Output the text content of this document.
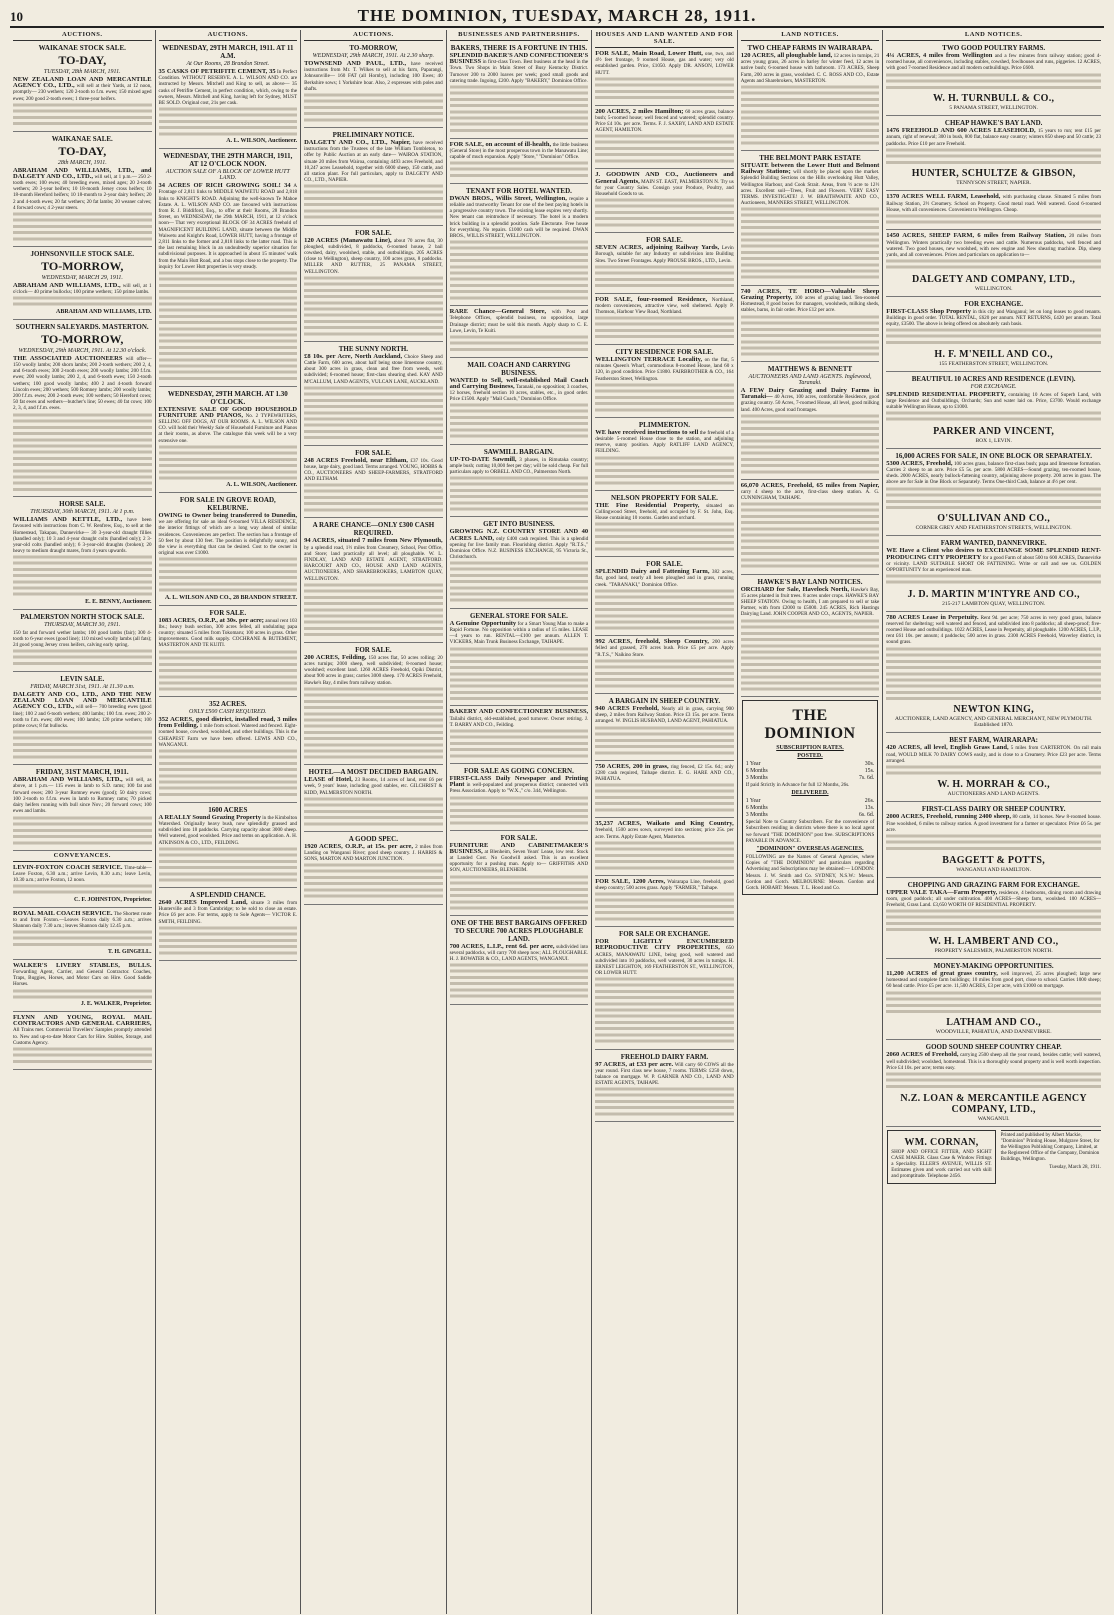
10	THE DOMINION, TUESDAY, MARCH 28, 1911.
AUCTIONS.
WAIKANAE STOCK SALE.
TO-DAY,
TUESDAY, 28th MARCH, 1911.
NEW ZEALAND LOAN AND MERCANTILE AGENCY CO., LTD., will sell at their Yards, at 12 noon, promptly— 230 wethers; 120 2-tooth to f.m. ewes; 150 mixed aged ewes; 200 good 2-tooth ewes; 1 three-year heifers.
WAIKANAE SALE.
TO-DAY,
28th MARCH, 1911.
ABRAHAM AND WILLIAMS, LTD., and DALGETY AND CO., LTD., will sell, at 1 p.m.— 250 2-tooth ewes; 100 ewes; 40 breeding ewes, mixed ages; 20 2-tooth wethers; 20 3-year heifers; 10 18-month Jersey cross heifers; 10 18-month Hereford heifers; 10 18-month to 2-year dairy heifers; 20 2 and 4-tooth ewes; 20 fat wethers; 20 fat lambs; 20 weaner calves; 4 forward cows; 4 2-year steers.
JOHNSONVILLE STOCK SALE.
TO-MORROW,
WEDNESDAY, MARCH 29, 1911.
ABRAHAM AND WILLIAMS, LTD., will sell, at 1 o'clock— 40 prime bullocks; 100 prime wethers; 150 prime lambs.
ABRAHAM AND WILLIAMS, LTD.
SOUTHERN SALEYARDS. MASTERTON.
TO-MORROW,
WEDNESDAY, 29th MARCH, 1911. At 12.30 o'clock.
THE ASSOCIATED AUCTIONEERS will offer— 150 woolly lambs; 200 shorn lambs; 200 2-tooth wethers; 200 2, 4, and 6-tooth ewes; 300 2-tooth ewes; 200 woolly lambs; 200 f.f.m. ewes; 200 woolly lambs; 200 2, 4, and 6-tooth ewes; 150 2-tooth wethers; 100 good woolly lambs; 400 2 and 4-tooth forward Lincoln ewes; 200 wethers; 500 Romney lambs; 200 woolly lambs; 200 f.f.m. ewes; 200 2-tooth ewes; 100 wethers; 50 Hereford cows; 50 fat ewes and wethers—butcher's line; 50 ewes; 40 fat cows; 100 2, 3, 4, and f.f.m. ewes.
HORSE SALE.
THURSDAY, 30th MARCH, 1911. At 1 p.m.
WILLIAMS AND KETTLE, LTD., have been favoured with instructions from C. W. Renfrew, Esq., to sell at the Homestead, Takapau, Dannevirke— 30 3-year-old draught fillies (handled only); 10 3 and 4-year draught colts (handled only); 2 3-year-old colts (handled only); 6 3-year-old draughts (broken); 20 heavy to medium draught mares, from 4 years upwards.
E. E. BENNY, Auctioneer.
PALMERSTON NORTH STOCK SALE.
THURSDAY, MARCH 30, 1911.
150 fat and forward wether lambs; 100 good lambs (fair); 300 4-tooth to 6-year ewes (good line); 110 mixed woolly lambs (all fats); 24 good young Jersey cross heifers, calving early spring.
LEVIN SALE.
FRIDAY, MARCH 31st, 1911. At 11.30 a.m.
DALGETY AND CO., LTD., AND THE NEW ZEALAND LOAN AND MERCANTILE AGENCY CO., LTD., will sell— 700 breeding ewes (good line); 100 2 and 6-tooth wethers; 400 lambs; 100 f.m. ewes; 200 2-tooth to f.m. ewes; 400 ewes; 100 lambs; 120 prime wethers; 100 prime cows; 8 fat bullocks.
FRIDAY, 31ST MARCH, 1911.
ABRAHAM AND WILLIAMS, LTD., will sell, as above, at 1 p.m.— 115 ewes in lamb to S.D. rams; 100 fat and forward ewes; 200 3-year Romney ewes (good); 50 dairy cows; 100 2-tooth to f.f.m. ewes in lamb to Romney rams; 70 picked dairy heifers running with bull since Nov.; 20 forward cows; 100 ewes and lambs.
CONVEYANCES.
LEVIN-FOXTON COACH SERVICE. Time-table—Leave Foxton, 6.30 a.m.; arrive Levin, 8.30 a.m.; leave Levin, 10.30 a.m.; arrive Foxton, 12 noon.
C. F. JOHNSTON, Proprietor.
ROYAL MAIL COACH SERVICE. The Shortest route to and from Foxton.—Leaves Foxton daily 6.30 a.m.; arrives Shannon daily 7.30 a.m.; leaves Shannon daily 12.45 p.m.
T. H. GINGELL.
WALKER'S LIVERY STABLES, BULLS. Forwarding Agent, Carrier, and General Contractor. Coaches, Traps, Buggies, Horses, and Motor Cars on Hire. Good Saddle Horses.
J. E. WALKER, Proprietor.
FLYNN AND YOUNG, ROYAL MAIL CONTRACTORS AND GENERAL CARRIERS, All Trains met. Commercial Travellers' Samples promptly attended to. New and up-to-date Motor Cars for Hire. Stables, Storage, and Customs Agency.
AUCTIONS.
WEDNESDAY, 29TH MARCH, 1911. AT 11 A.M.
At Our Rooms, 28 Brandon Street.
35 CASKS OF PETRIFITE CEMENT, 35 In Perfect Condition. WITHOUT RESERVE. A. L. WILSON AND CO. are instructed by Messrs. Mitchell and King to sell, as above— 35 casks of Petrifite Cement, in perfect condition, which, owing to the owners, Messrs. Mitchell and King, having left for Sydney, MUST BE SOLD. Original cost, 21s per cask.
A. L. WILSON, Auctioneer.
WEDNESDAY, THE 29TH MARCH, 1911, AT 12 O'CLOCK NOON.
AUCTION SALE OF A BLOCK OF LOWER HUTT LAND.
34 ACRES OF RICH GROWING SOIL! 34 A Frontage of 2,811 links to MIDDLE WAIWETU ROAD and 2,818 links to KNIGHT'S ROAD. Adjoining the well-known Te Mahoe Estate. A. L. WILSON AND CO. are favoured with instructions from R. J. Biddiford, Esq., to offer at their Rooms, 28 Brandon Street, on WEDNESDAY, the 29th MARCH, 1911, at 12 o'clock noon— That very exceptional BLOCK OF 34 ACRES freehold of MAGNIFICENT BUILDING LAND, situate between the Middle Waiwetu and Knight's Road, LOWER HUTT, having a frontage of 2,811 links to the former and 2,818 links to the latter road. This is the last remaining block in an undoubtedly superior situation for subdivisional purposes. It is approached in about 15 minutes' walk from the Main Hutt Road, and a bus stops close to the property. The inquiry for Lower Hutt properties is very steady.
WEDNESDAY, 29TH MARCH. AT 1.30 O'CLOCK.
EXTENSIVE SALE OF GOOD HOUSEHOLD FURNITURE AND PIANOS, No. 2 TYPEWRITERS, SELLING OFF DOGS, AT OUR ROOMS. A. L. WILSON AND CO. will hold their Weekly Sale of Household Furniture and Pianos at their rooms, as above. The catalogue this week will be a very extensive one.
A. L. WILSON, Auctioneer.
FOR SALE IN GROVE ROAD, KELBURNE.
OWING to Owner being transferred to Dunedin, we are offering for sale an ideal 6-roomed VILLA RESIDENCE, the interior fittings of which are a long way ahead of similar residences. Conveniences are perfect. The section has a frontage of 50 feet by about 130 feet. The position is delightfully sunny, and the view is everything that can be desired. Cost to the owner in original was over £1000.
A. L. WILSON AND CO., 28 BRANDON STREET.
FOR SALE.
1083 ACRES, O.R.P., at 30s. per acre; annual rent 103 lbs.; heavy bush section, 300 acres felled, all undulating papa country; situated 5 miles from Tokomaru; 100 acres in grass. Other improvements. Good milk supply. COCHRANE & BUTEMENT, MASTERTON AND TE KUITI.
352 ACRES.
ONLY £500 CASH REQUIRED.
352 ACRES, good district, installed road, 3 miles from Feilding, 1 mile from school. Watered and fenced. Eight-roomed house, cowshed, woolshed, and other buildings. This is the CHEAPEST Farm we have been offered. LEWIS AND CO., WANGANUI.
1600 ACRES
A REALLY Sound Grazing Property in the Kimbolton Watershed. Originally heavy bush, now splendidly grassed and subdivided into 18 paddocks. Carrying capacity about 3000 sheep. Well watered, good woolshed. Price and terms on application. A. H. ATKINSON & CO., LTD., FEILDING.
A SPLENDID CHANCE.
2640 ACRES Improved Land, situate 3 miles from Hunterville and 3 from Cambridge; to be sold to close an estate. Price £6 per acre. For terms, apply to Sole Agents— VICTOR E. SMITH, FEILDING.
AUCTIONS.
TO-MORROW,
WEDNESDAY, 29th MARCH, 1911. At 2.30 sharp.
TOWNSEND AND PAUL, LTD., have received instructions from Mr. T. Wilkes to sell at his farm, Paparangi, Johnsonville— 160 FAT (all Hornby), including 100 Ewes; 40 Berkshire sows; 1 Yorkshire boar. Also, 2 expresses with poles and shafts.
PRELIMINARY NOTICE.
DALGETY AND CO., LTD., Napier, have received instructions from the Trustees of the late William Tombleton, to offer by Public Auction at an early date— WAIROA STATION, situate 20 miles from Wairoa, containing 4493 acres Freehold, and 10,247 acres Leasehold, together with 6000 sheep, 150 cattle, and all station plant. For full particulars, apply to DALGETY AND CO., LTD., NAPIER.
FOR SALE.
120 ACRES (Manawatu Line), about 70 acres flat, 30 ploughed, subdivided, 8 paddocks, 6-roomed house, 2 bail cowshed, dairy, woolshed, stable, and outbuildings. 205 ACRES (close to Wellington), sheep country, 100 acres grass, 8 paddocks. MILLER AND RUTTER, 25 PANAMA STREET, WELLINGTON.
THE SUNNY NORTH.
£8 10s. per Acre, North Auckland, Choice Sheep and Cattle Farm, 600 acres, about half being stone limestone country, about 300 acres in grass, clean and free from weeds, well subdivided; 6-roomed house; first-class shearing shed. KAY AND M'CALLUM, LAND AGENTS, VULCAN LANE, AUCKLAND.
FOR SALE.
248 ACRES Freehold, near Eltham, £37 10s. Good house, large dairy, good land. Terms arranged. YOUNG, HOBBS & CO., AUCTIONEERS AND SHEEP-FARMERS, STRATFORD AND ELTHAM.
A RARE CHANCE—ONLY £300 CASH REQUIRED.
94 ACRES, situated 7 miles from New Plymouth, by a splendid road, 1½ miles from Creamery, School, Post Office, and Store; land practically all level; all ploughable. W. L. FINDLAY, LAND AND ESTATE AGENT, STRATFORD. HARCOURT AND CO., HOUSE AND LAND AGENTS, AUCTIONEERS, AND SHAREBROKERS, LAMBTON QUAY, WELLINGTON.
FOR SALE.
200 ACRES, Feilding, 150 acres flat, 50 acres rolling; 20 acres turnips; 2000 sheep, well subdivided; 8-roomed house; woolshed; excellent land. 1260 ACRES Freehold, Opiki District, about 900 acres in grass; carries 3000 sheep. 170 ACRES Freehold, Hawke's Bay, 4 miles from railway station.
HOTEL—A MOST DECIDED BARGAIN.
LEASE of Hotel, 23 Rooms, 14 acres of land, rent £6 per week, 9 years' lease, including good stables, etc. GILCHRIST & KIDD, PALMERSTON NORTH.
A GOOD SPEC.
1920 ACRES, O.R.P., at 15s. per acre, 2 miles from Landing on Wanganui River; good sheep country. J. HARRIS & SONS, MARTON AND MARTON JUNCTION.
BUSINESSES AND PARTNERSHIPS.
BAKERS, THERE IS A FORTUNE IN THIS.
SPLENDID BAKER'S AND CONFECTIONER'S BUSINESS in first-class Town. Best business at the head in the Town. Two Shops in Main Street of Busy Kentucky District. Turnover 200 to 2000 loaves per week; good small goods and catering trade. Ingoing, £200. Apply "BAKERY," Dominion Office.
FOR SALE, on account of ill-health, the little business (General Store) in the most prosperous town in the Manawatu Line; capable of much expansion. Apply "Store," "Dominion" Office.
TENANT FOR HOTEL WANTED.
DWAN BROS., Willis Street, Wellington, require a reliable and trustworthy Tenant for one of the best paying hotels in a progressive country town. The existing lease expires very shortly. New tenant can reintroduce if necessary. The hotel is a modern brick building in a splendid position. Safe Electorate. Free house for everything. No repairs. £1000 cash will be required. DWAN BROS., WILLIS STREET, WELLINGTON.
RARE Chance—General Store, with Post and Telephone Offices, splendid business, no opposition, large Drainage district; must be sold this month. Apply sharp to C. E. Lowe, Levin, Te Kuiti.
MAIL COACH AND CARRYING BUSINESS.
WANTED to Sell, well-established Mail Coach and Carrying Business, Taranaki, no opposition; 3 coaches, 12 horses, freehold section 10 acres, stables, etc., in good order. Price £1500. Apply "Mail Coach," Dominion Office.
SAWMILL BARGAIN.
UP-TO-DATE Sawmill, 3 phases, in Rimutaka country; ample bush; cutting 10,000 feet per day; will be sold cheap. For full particulars apply to ORBELL AND CO., Palmerston North.
GET INTO BUSINESS.
GROWING N.Z. COUNTRY STORE AND 40 ACRES LAND, only £400 cash required. This is a splendid opening for live family man. Flourishing district. Apply "R.T.S.," Dominion Office. N.Z. BUSINESS EXCHANGE, 95 Victoria St., Christchurch.
GENERAL STORE FOR SALE.
A Genuine Opportunity for a Smart Young Man to make a Rapid Fortune. No opposition within a radius of 15 miles. LEASE—4 years to run. RENTAL—£100 per annum. ALLEN T. VICKERS, Main Trunk Business Exchange, TAIHAPE.
BAKERY AND CONFECTIONERY BUSINESS, Tailaihi district, old-established, good turnover. Owner retiring. J. T. BARRY AND CO., Feilding.
FOR SALE AS GOING CONCERN.
FIRST-CLASS Daily Newspaper and Printing Plant in well-populated and prosperous district; connected with Press Association. Apply to "W.X.," c/o. 344, Wellington.
FOR SALE.
FURNITURE AND CABINETMAKER'S BUSINESS, at Blenheim, Seven Years' Lease, low rent. Stock at Landed Cost. No Goodwill asked. This is an excellent opportunity for a pushing man. Apply to— GRIFFITHS AND SON, AUCTIONEERS, BLENHEIM.
ONE OF THE BEST BARGAINS OFFERED TO SECURE 700 ACRES PLOUGHABLE LAND.
700 ACRES, L.I.P., rent 6d. per acre, subdivided into several paddocks, will carry 700 sheep now; ALL PLOUGHABLE. H. J. BOWATER & CO., LAND AGENTS, WANGANUI.
HOUSES AND LAND WANTED AND FOR SALE.
FOR SALE, Main Road, Lower Hutt, one, two, and 4½ feet frontage, 9 roomed House, gas and water; very old established garden. Price, £1050. Apply DR. ANSON, LOWER HUTT.
200 ACRES, 2 miles Hamilton; 60 acres grass, balance bush; 5-roomed house; well fenced and watered; splendid country. Price £4 10s. per acre. Terms. F. J. SAXBY, LAND AND ESTATE AGENT, HAMILTON.
J. GOODWIN AND CO., Auctioneers and General Agents, MAIN ST. EAST, PALMERSTON N. Try us for your Country Sales. Consign your Produce, Poultry, and Household Goods to us.
FOR SALE.
SEVEN ACRES, adjoining Railway Yards, Levin Borough, suitable for any Industry or subdivision into Building Sites. Two Street Frontages. Apply PROUSE BROS., LTD., Levin.
FOR SALE, four-roomed Residence, Northland, modern conveniences, attractive view, well sheltered. Apply P. Thomson, Harbour View Road, Northland.
CITY RESIDENCE FOR SALE.
WELLINGTON TERRACE Locality, on the flat, 5 minutes Queen's Wharf, commodious 8-roomed House, land 60 x 120, in good condition. Price £1800. FAIRBROTHER & CO., 164 Featherston Street, Wellington.
PLIMMERTON.
WE have received instructions to sell the freehold of a desirable 5-roomed House close to the station, and adjoining reserve, sunny position. Apply RATLIFF LAND AGENCY, FEILDING.
NELSON PROPERTY FOR SALE.
THE Fine Residential Property, situated on Collingwood Street, freehold, and occupied by F. St. John, Esq. House containing 10 rooms. Garden and orchard.
FOR SALE.
SPLENDID Dairy and Fattening Farm, 382 acres, flat, good land, nearly all been ploughed and in grass, running creek. "TARANAKI," Dominion Office.
992 ACRES, freehold, Sheep Country, 200 acres felled and grassed, 270 acres bush. Price £5 per acre. Apply "R.T.S.," Naikino Store.
A BARGAIN IN SHEEP COUNTRY.
940 ACRES Freehold, Nearly all in grass, carrying 900 sheep, 2 miles from Railway Station. Price £3 15s. per acre. Terms arranged. W. INGLIS HUSBAND, LAND AGENT, PAHIATUA.
750 ACRES, 200 in grass, ring fenced, £2 15s. 6d.; only £280 cash required, Taihape district. E. G. HARE AND CO., PAHIATUA.
35,237 ACRES, Waikato and King Country, freehold, 1500 acres sown, surveyed into sections; price 25s. per acre. Terms. Apply Estate Agent, Masterton.
FOR SALE, 1200 Acres, Wairarapa Line, freehold, good sheep country; 500 acres grass. Apply "FARMER," Taihape.
FOR SALE OR EXCHANGE.
FOR LIGHTLY ENCUMBERED REPRODUCTIVE CITY PROPERTIES, 650 ACRES, MANAWATU LINE, being good, well watered and subdivided into 10 paddocks, well watered, 30 acres in turnips. H. ERNEST LEIGHTON, 169 FEATHERSTON ST., WELLINGTON, OR LOWER HUTT.
FREEHOLD DAIRY FARM.
97 ACRES, at £33 per acre. Will carry 60 COWS all the year round. First class new house, 7 rooms. TERMS: £250 down, balance on mortgage. W. P. GARNER AND CO., LAND AND ESTATE AGENTS, TAIHAPE.
LAND NOTICES.
TWO CHEAP FARMS IN WAIRARAPA.
120 ACRES, all ploughable land, 12 acres in turnips, 21 acres young grass, 26 acres in barley for winter feed, 12 acres in native bush; 6-roomed house with bathroom. 173 ACRES, Sheep Farm, 200 acres in grass, woolshed. C. C. ROSS AND CO., Estate Agents and Sharebrokers, MASTERTON.
THE BELMONT PARK ESTATE
SITUATE between the Lower Hutt and Belmont Railway Stations; will shortly be placed upon the market. Splendid Building Sections on the Hills overlooking Hutt Valley, Wellington Harbour, and Cook Strait. Areas, from ½ acre to 12½ acres. Excellent soil—Trees, Fruit and Flowers. VERY EASY TERMS. INVESTIGATE! J. W. BRAITHWAITE AND CO., Auctioneers, MANNERS STREET, WELLINGTON.
740 ACRES, TE HORO—Valuable Sheep Grazing Property, 100 acres of grazing land. Ten-roomed Homestead, 8 good boxes for managers, woolsheds, milking sheds, stables, barns, in fair order. Price £12 per acre.
MATTHEWS & BENNETT
AUCTIONEERS AND LAND AGENTS. Inglewood, Taranaki.
A FEW Dairy Grazing and Dairy Farms in Taranaki— 40 Acres, 100 acres, comfortable Residence, good grazing country. 50 Acres, 7-roomed House, all level, good milking land. 400 Acres, good road frontages.
66,070 ACRES, Freehold, 65 miles from Napier, carry 4 sheep to the acre, first-class sheep station. A. G. CUNNINGHAM, TAIHAPE.
HAWKE'S BAY LAND NOTICES.
ORCHARD for Sale, Havelock North, Hawke's Bay, 15 acres planted in fruit trees. 8 acres under crops. HAWKE'S BAY SHEEP STATION. Owing to health, I am prepared to sell or take Partner, with from £2000 to £5000. 245 ACRES, Rich Hastings Dairying Land. JOHN COOPER AND CO., AGENTS, NAPIER.
THE DOMINION
SUBSCRIPTION RATES.
POSTED.
1 Year	30s.
6 Months	15s.
3 Months	7s. 6d.
If paid Strictly in Advance for full 12 Months, 26s.
DELIVERED.
1 Year	26s.
6 Months	13s.
3 Months	6s. 6d.
Special Note to Country Subscribers. For the convenience of Subscribers residing in districts where there is no local agent we forward "THE DOMINION" post free. SUBSCRIPTIONS PAYABLE IN ADVANCE.
"DOMINION" OVERSEAS AGENCIES.
FOLLOWING are the Names of General Agencies, where Copies of "THE DOMINION" and particulars regarding Advertising and Subscriptions may be obtained:— LONDON: Messrs. J. W. Smith and Co. SYDNEY, N.S.W.: Messrs. Gordon and Gotch. MELBOURNE: Messrs. Gordon and Gotch. HOBART: Messrs. T. L. Hood and Co.
LAND NOTICES.
TWO GOOD POULTRY FARMS.
4¼ ACRES, 4 miles from Wellington and a few minutes from railway station; good 4-roomed house, all conveniences, including stables, cowshed, fowlhouses and runs, piggeries. 12 ACRES, with good 7-roomed Residence and all modern outbuildings. Price £600.
W. H. TURNBULL & CO.,
5 PANAMA STREET, WELLINGTON.
CHEAP HAWKE'S BAY LAND.
1476 FREEHOLD AND 600 ACRES LEASEHOLD, 15 years to run; rent £15 per annum, right of renewal; 300 in bush, 800 flat, balance easy country; winters 850 sheep and 50 cattle; 23 paddocks. Price £10 per acre Freehold.
HUNTER, SCHULTZE & GIBSON,
TENNYSON STREET, NAPIER.
1370 ACRES WELL FARM, Leasehold, with purchasing clause. Situated 5 miles from Railway Station, 2½ Creamery. School on Property. Good metal road. Well watered. Good 6-roomed House, with all conveniences. Convenient to Wellington. Cheap.
1450 ACRES, SHEEP FARM, 6 miles from Railway Station, 20 miles from Wellington. Winters practically two breeding ewes and cattle. Numerous paddocks, well fenced and watered. Two good houses, new woolshed, with new engine and New shearing machine. Dip, sheep yards, and all conveniences. Prices and particulars on application to—
DALGETY AND COMPANY, LTD.,
WELLINGTON.
FOR EXCHANGE.
FIRST-CLASS Shop Property in this city and Wanganui; let on long leases to good tenants. Buildings in good order. TOTAL RENTAL, £620 per annum. NET RETURNS, £420 per annum. Total equity, £3500. The above is being offered on absolutely cash basis.
H. F. M'NEILL AND CO.,
155 FEATHERSTON STREET, WELLINGTON.
BEAUTIFUL 10 ACRES AND RESIDENCE (LEVIN).
FOR EXCHANGE.
SPLENDID RESIDENTIAL PROPERTY, containing 10 Acres of Superb Land, with large Residence and Outbuildings, Orchards; Sun and water laid on. Price, £3700. Would exchange suitable Wellington House, up to £1000.
PARKER AND VINCENT,
BOX 1, LEVIN.
16,000 ACRES FOR SALE, IN ONE BLOCK OR SEPARATELY.
5300 ACRES, Freehold, 100 acres grass, balance first-class bush; papa and limestone formation. Carries 2 sheep to an acre. Price £5 5s. per acre. 5800 ACRES—Sound grazing, ten-roomed house, sheds. 2000 ACRES, nearly bullock-fattening country, adjoining above property. 200 acres in grass. The above are for Sale in One Block or Separately. Terms One-third Cash, balance at 4½ per cent.
O'SULLIVAN AND CO.,
CORNER GREY AND FEATHERSTON STREETS, WELLINGTON.
FARM WANTED, DANNEVIRKE.
WE Have a Client who desires to EXCHANGE SOME SPLENDID RENT-PRODUCING CITY PROPERTY for a good Farm of about 500 to 600 ACRES, Dannevirke or vicinity. LAND SUITABLE SHORT OR FATTENING. Write or call and see us. GOLDEN OPPORTUNITY for an experienced man.
J. D. MARTIN M'INTYRE AND CO.,
215-217 LAMBTON QUAY, WELLINGTON.
780 ACRES Lease in Perpetuity. Rent 9d. per acre; 750 acres in very good grass, balance reserved for sheltering; well watered and fenced, and subdivided into 8 paddocks; all sheep-proof; five-roomed House and outbuildings. 1022 ACRES, Lease in Perpetuity, all ploughable. 1200 ACRES, L.I.P., rent £61 10s. per annum; 4 paddocks; 500 acres in grass. 2300 ACRES Freehold, Waverley district, in sound grass.
NEWTON KING,
AUCTIONEER, LAND AGENCY, AND GENERAL MERCHANT, NEW PLYMOUTH. Established 1870.
BEST FARM, WAIRARAPA:
420 ACRES, all level, English Grass Land, 5 miles from CARTERTON. On rail main road, WOULD MILK 70 DAIRY COWS easily, and is close to a Creamery. Price £23 per acre. Terms arranged.
W. H. MORRAH & CO.,
AUCTIONEERS AND LAND AGENTS.
FIRST-CLASS DAIRY OR SHEEP COUNTRY.
2000 ACRES, Freehold, running 2400 sheep, 80 cattle, 14 horses. New 8-roomed house. Fine woolshed, 6 miles to railway station. A good investment for a farmer or speculator. Price £6 5s. per acre.
BAGGETT & POTTS,
WANGANUI AND HAMILTON.
CHOPPING AND GRAZING FARM FOR EXCHANGE.
UPPER VALE TAKA—Farm Property, residence, 4 bedrooms, dining room and drawing room, good paddock; all under cultivation. 400 ACRES—Sheep farm, woolshed. 100 ACRES—Freehold, Grass Land. £3,650 WORTH OF RESIDENTIAL PROPERTY.
W. H. LAMBERT AND CO.,
PROPERTY SALESMEN, PALMERSTON NORTH.
MONEY-MAKING OPPORTUNITIES.
11,200 ACRES of great grass country, well improved, 25 acres ploughed; large new homestead and complete farm buildings; 10 miles from good port, close to school. Carries 1000 sheep; 60 head cattle. Price £5 per acre. 11,500 ACRES, £3 per acre, with £1000 on mortgage.
LATHAM AND CO.,
WOODVILLE, PAHIATUA, AND DANNEVIRKE.
GOOD SOUND SHEEP COUNTRY CHEAP.
2060 ACRES of Freehold, carrying 2500 sheep all the year round, besides cattle; well watered, well subdivided; woolshed, homestead. This is a thoroughly sound property and is well worth inspection. Price £4 10s. per acre; terms easy.
N.Z. LOAN & MERCANTILE AGENCY COMPANY, LTD.,
WANGANUI.
WM. CORNAN,
SHOP AND OFFICE FITTER, AND SIGHT CASE MAKER. Glass Case & Window Fittings a Speciality. ELLER'S AVENUE, WILLIS ST. Estimates given and work carried out with skill and promptitude. Telephone 2456.
Printed and published by Albert Mackie, "Dominion" Printing House, Mulgrave Street, for the Wellington Publishing Company, Limited, at the Registered Office of the Company, Dominion Buildings, Wellington.
Tuesday, March 28, 1911.
